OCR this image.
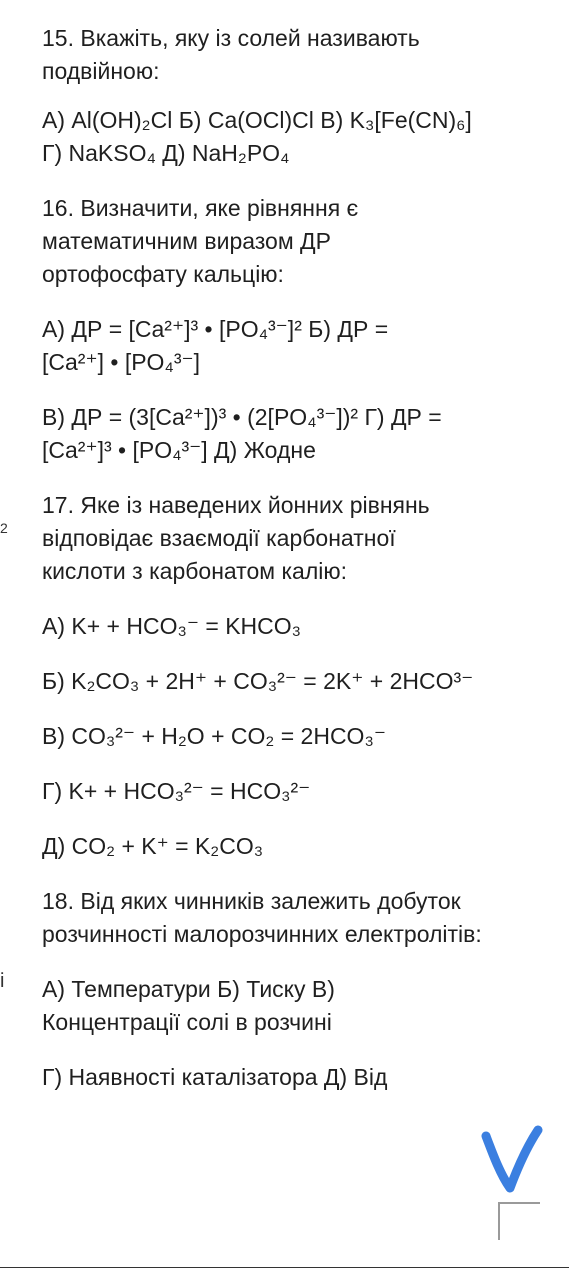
15. Вкажіть, яку із солей називають подвійною:

А) Al(OH)₂Cl Б) Ca(OCl)Cl В) K₃[Fe(CN)₆]

Г) NaKSO₄ Д) NaH₂PO₄

16. Визначити, яке рівняння є математичним виразом ДР ортофосфату кальцію:

А) ДР = [Ca²⁺]³ • [PO₄³⁻]² Б) ДР =

[Ca²⁺] • [PO₄³⁻]

В) ДР = (3[Ca²⁺])³ • (2[PO₄³⁻])² Г) ДР =

[Ca²⁺]³ • [PO₄³⁻] Д) Жодне

17. Яке із наведених йонних рівнянь відповідає взаємодії карбонатної кислоти з карбонатом калію:

А) K+ + HCO₃⁻ = KHCO₃

Б) K₂CO₃ + 2H⁺ + CO₃²⁻ = 2K⁺ + 2HCO³⁻

В) CO₃²⁻ + H₂O + CO₂ = 2HCO₃⁻

Г) K+ + HCO₃²⁻ = HCO₃²⁻

Д) CO₂ + K⁺ = K₂CO₃

18. Від яких чинників залежить добуток розчинності малорозчинних електролітів:

А) Температури Б) Тиску В)

Концентрації солі в розчині

Г) Наявності каталізатора Д) Від

2
і
